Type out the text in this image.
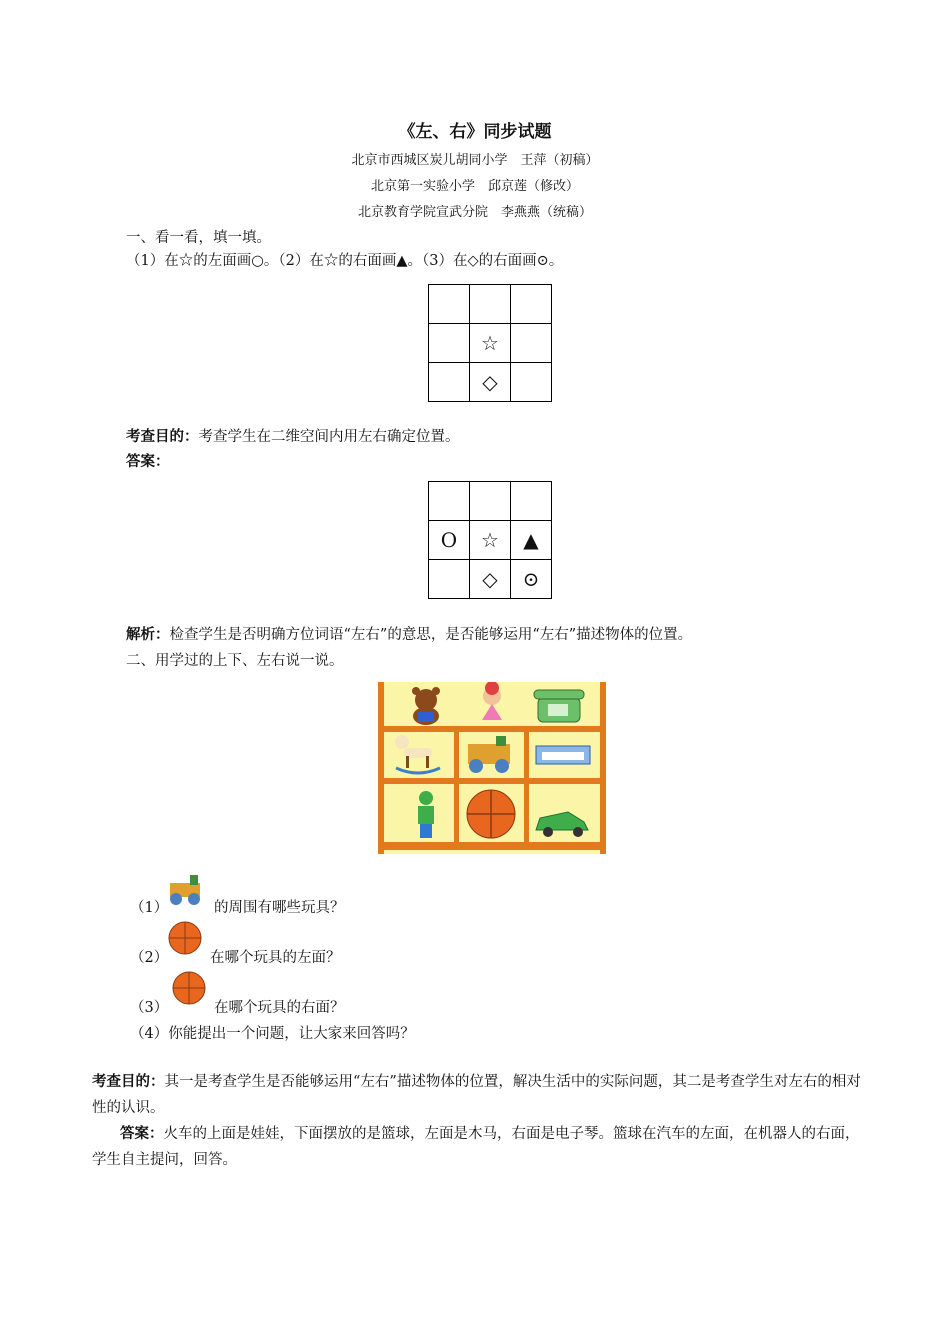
《左、右》同步试题
北京市西城区炭儿胡同小学　王萍（初稿）
北京第一实验小学　邱京莲（修改）
北京教育学院宣武分院　李燕燕（统稿）
一、看一看，填一填。
（1）在☆的左面画○。（2）在☆的右面画▲。（3）在◇的右面画⊙。

	☆	
	◇	
考查目的：考查学生在二维空间内用左右确定位置。
答案：

O	☆	▲
	◇	⊙
解析：检查学生是否明确方位词语“左右”的意思，是否能够运用“左右”描述物体的位置。
二、用学过的上下、左右说一说。
（1）	的周围有哪些玩具？
（2）	在哪个玩具的左面？
（3）	在哪个玩具的右面？
（4）你能提出一个问题，让大家来回答吗？
考查目的：其一是考查学生是否能够运用“左右”描述物体的位置，解决生活中的实际问题，其二是考查学生对左右的相对性的认识。
答案：火车的上面是娃娃，下面摆放的是篮球，左面是木马，右面是电子琴。篮球在汽车的左面，在机器人的右面，学生自主提问，回答。
